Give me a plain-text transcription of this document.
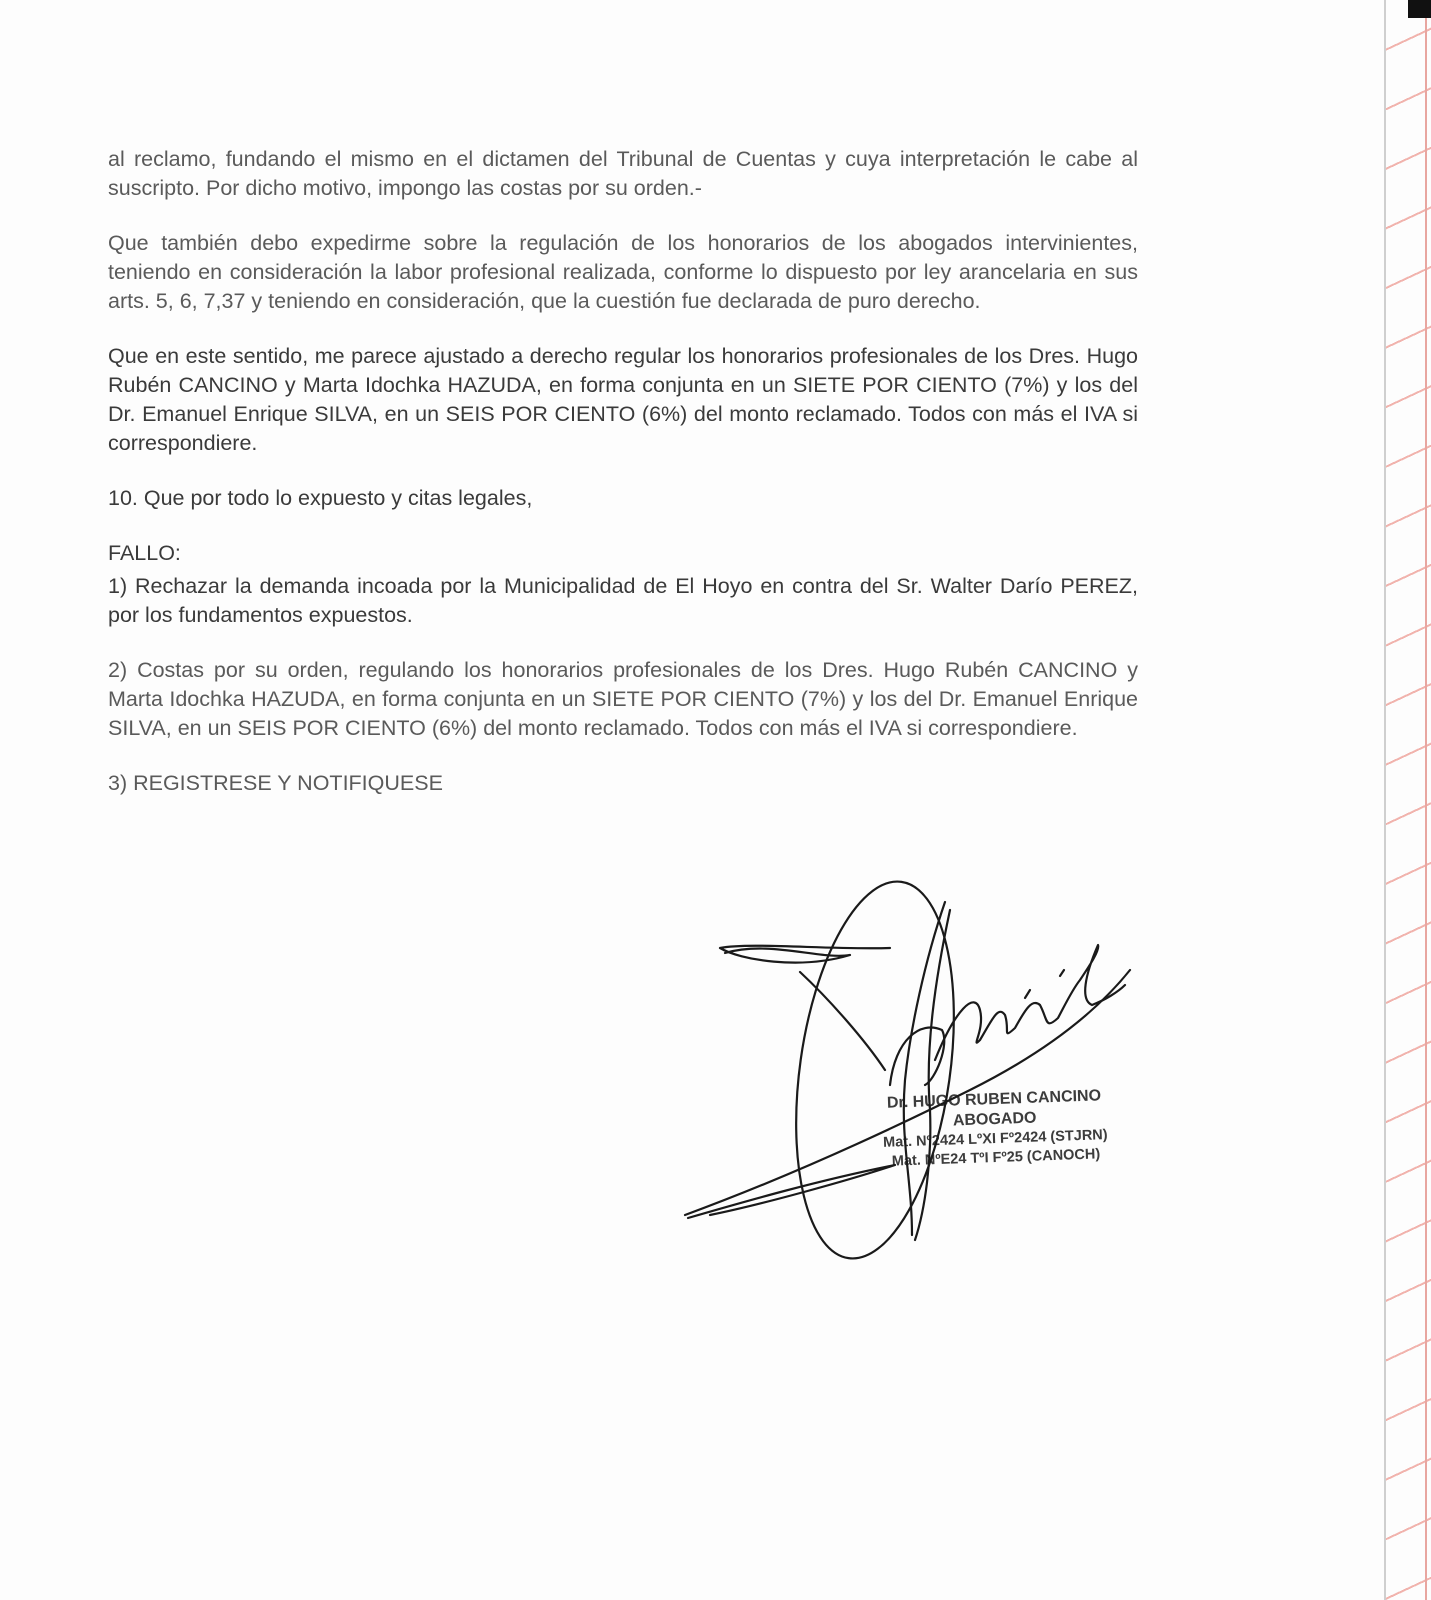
al reclamo, fundando el mismo en el dictamen del Tribunal de Cuentas y cuya interpretación le cabe al suscripto. Por dicho motivo, impongo las costas por su orden.-

Que también debo expedirme sobre la regulación de los honorarios de los abogados intervinientes, teniendo en consideración la labor profesional realizada, conforme lo dispuesto por ley arancelaria en sus arts. 5, 6, 7,37 y teniendo en consideración, que la cuestión fue declarada de puro derecho.

Que en este sentido, me parece ajustado a derecho regular los honorarios profesionales de los Dres. Hugo Rubén CANCINO y Marta Idochka HAZUDA, en forma conjunta en un SIETE POR CIENTO (7%) y los del Dr. Emanuel Enrique SILVA, en un SEIS POR CIENTO (6%) del monto reclamado. Todos con más el IVA si correspondiere.

10. Que por todo lo expuesto y citas legales,

FALLO:

1) Rechazar la demanda incoada por la Municipalidad de El Hoyo en contra del Sr. Walter Darío PEREZ, por los fundamentos expuestos.

2) Costas por su orden, regulando los honorarios profesionales de los Dres. Hugo Rubén CANCINO y Marta Idochka HAZUDA, en forma conjunta en un SIETE POR CIENTO (7%) y los del Dr. Emanuel Enrique SILVA, en un SEIS POR CIENTO (6%) del monto reclamado. Todos con más el IVA si correspondiere.

3) REGISTRESE Y NOTIFIQUESE

Dr. HUGO RUBEN CANCINO
ABOGADO
Mat. Nº2424 LºXI Fº2424 (STJRN)
Mat. NºE24 TºI Fº25 (CANOCH)
